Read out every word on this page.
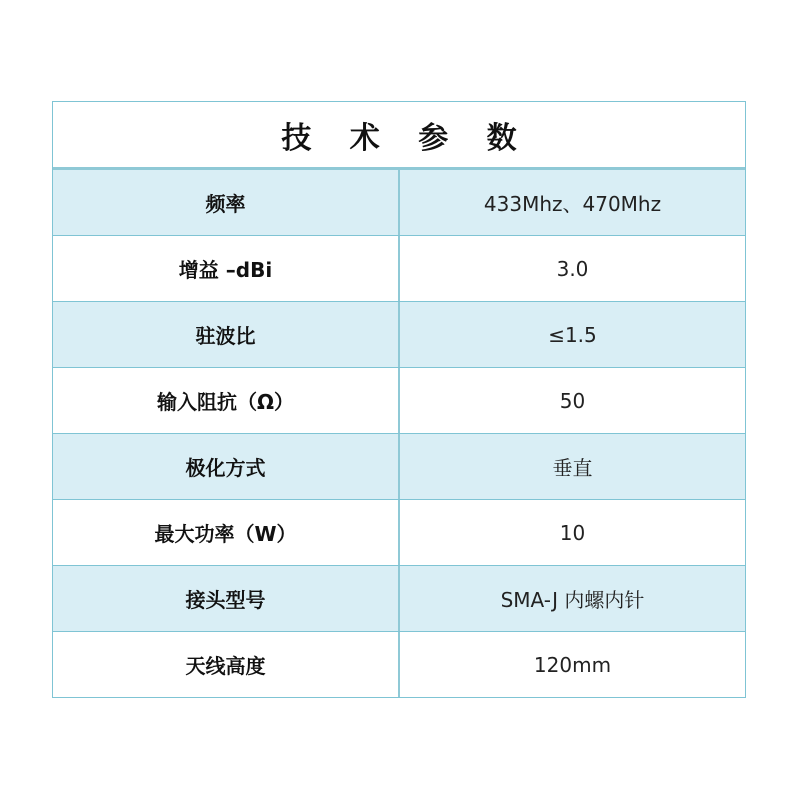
技 术 参 数
频率	433Mhz、470Mhz
增益 –dBi	3.0
驻波比	≤1.5
输入阻抗（Ω）	50
极化方式	垂直
最大功率（W）	10
接头型号	SMA-J 内螺内针
天线高度	120mm
